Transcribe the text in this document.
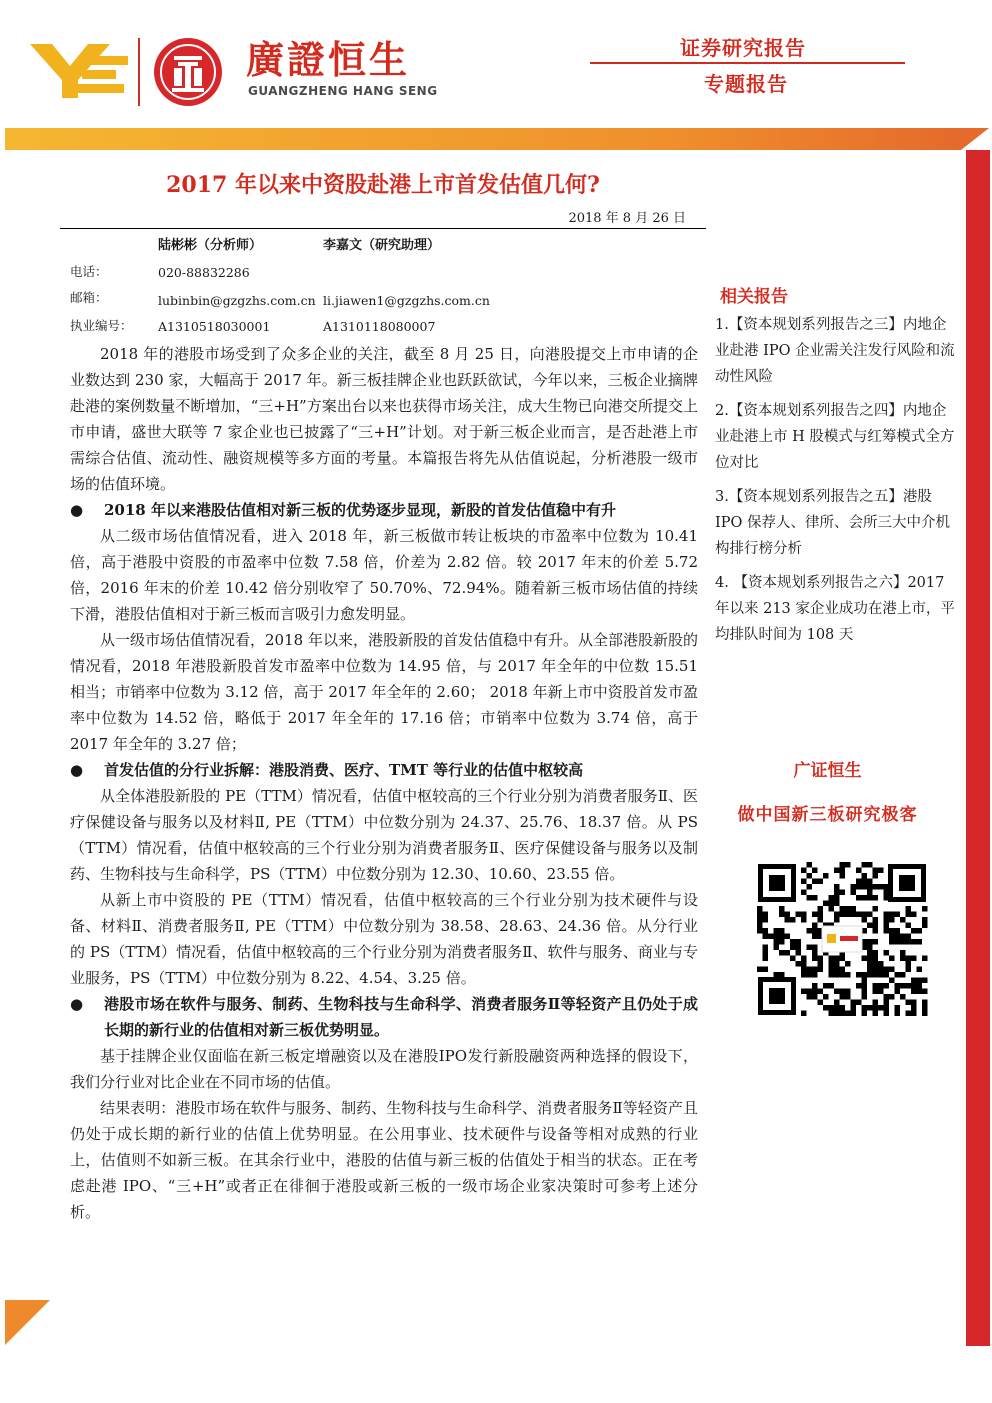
廣證恒生
GUANGZHENG HANG SENG
证券研究报告
专题报告
2017 年以来中资股赴港上市首发估值几何?
2018 年 8 月 26 日
陆彬彬（分析师）	李嘉文（研究助理）
电话：	020-88832286
邮箱：	lubinbin@gzgzhs.com.cn li.jiawen1@gzgzhs.com.cn
执业编号： A1310518030001	A1310118080007

2018 年的港股市场受到了众多企业的关注，截至 8 月 25 日，向港股提交上市申请的企业数达到 230 家，大幅高于 2017 年。新三板挂牌企业也跃跃欲试，今年以来，三板企业摘牌赴港的案例数量不断增加，“三+H”方案出台以来也获得市场关注，成大生物已向港交所提交上市申请，盛世大联等 7 家企业也已披露了“三+H”计划。对于新三板企业而言，是否赴港上市需综合估值、流动性、融资规模等多方面的考量。本篇报告将先从估值说起，分析港股一级市场的估值环境。

● 2018 年以来港股估值相对新三板的优势逐步显现，新股的首发估值稳中有升

从二级市场估值情况看，进入 2018 年，新三板做市转让板块的市盈率中位数为 10.41 倍，高于港股中资股的市盈率中位数 7.58 倍，价差为 2.82 倍。较 2017 年末的价差 5.72 倍，2016 年末的价差 10.42 倍分别收窄了 50.70%、72.94%。随着新三板市场估值的持续下滑，港股估值相对于新三板而言吸引力愈发明显。

从一级市场估值情况看，2018 年以来，港股新股的首发估值稳中有升。从全部港股新股的情况看，2018 年港股新股首发市盈率中位数为 14.95 倍，与 2017 年全年的中位数 15.51 相当；市销率中位数为 3.12 倍，高于 2017 年全年的 2.60； 2018 年新上市中资股首发市盈率中位数为 14.52 倍，略低于 2017 年全年的 17.16 倍；市销率中位数为 3.74 倍，高于 2017 年全年的 3.27 倍；

● 首发估值的分行业拆解：港股消费、医疗、TMT 等行业的估值中枢较高

从全体港股新股的 PE（TTM）情况看，估值中枢较高的三个行业分别为消费者服务Ⅱ、医疗保健设备与服务以及材料Ⅱ, PE（TTM）中位数分别为 24.37、25.76、18.37 倍。从 PS（TTM）情况看，估值中枢较高的三个行业分别为消费者服务Ⅱ、医疗保健设备与服务以及制药、生物科技与生命科学，PS（TTM）中位数分别为 12.30、10.60、23.55 倍。

从新上市中资股的 PE（TTM）情况看，估值中枢较高的三个行业分别为技术硬件与设备、材料Ⅱ、消费者服务Ⅱ, PE（TTM）中位数分别为 38.58、28.63、24.36 倍。从分行业的 PS（TTM）情况看，估值中枢较高的三个行业分别为消费者服务Ⅱ、软件与服务、商业与专业服务，PS（TTM）中位数分别为 8.22、4.54、3.25 倍。

● 港股市场在软件与服务、制药、生物科技与生命科学、消费者服务Ⅱ等轻资产且仍处于成长期的新行业的估值相对新三板优势明显。

基于挂牌企业仅面临在新三板定增融资以及在港股IPO发行新股融资两种选择的假设下，我们分行业对比企业在不同市场的估值。

结果表明：港股市场在软件与服务、制药、生物科技与生命科学、消费者服务Ⅱ等轻资产且仍处于成长期的新行业的估值上优势明显。在公用事业、技术硬件与设备等相对成熟的行业上，估值则不如新三板。在其余行业中，港股的估值与新三板的估值处于相当的状态。正在考虑赴港 IPO、“三+H”或者正在徘徊于港股或新三板的一级市场企业家决策时可参考上述分析。

相关报告
1.【资本规划系列报告之三】内地企业赴港 IPO 企业需关注发行风险和流动性风险
2.【资本规划系列报告之四】内地企业赴港上市 H 股模式与红筹模式全方位对比
3.【资本规划系列报告之五】港股 IPO 保荐人、律所、会所三大中介机构排行榜分析
4. 【资本规划系列报告之六】2017 年以来 213 家企业成功在港上市，平均排队时间为 108 天
广证恒生
做中国新三板研究极客
